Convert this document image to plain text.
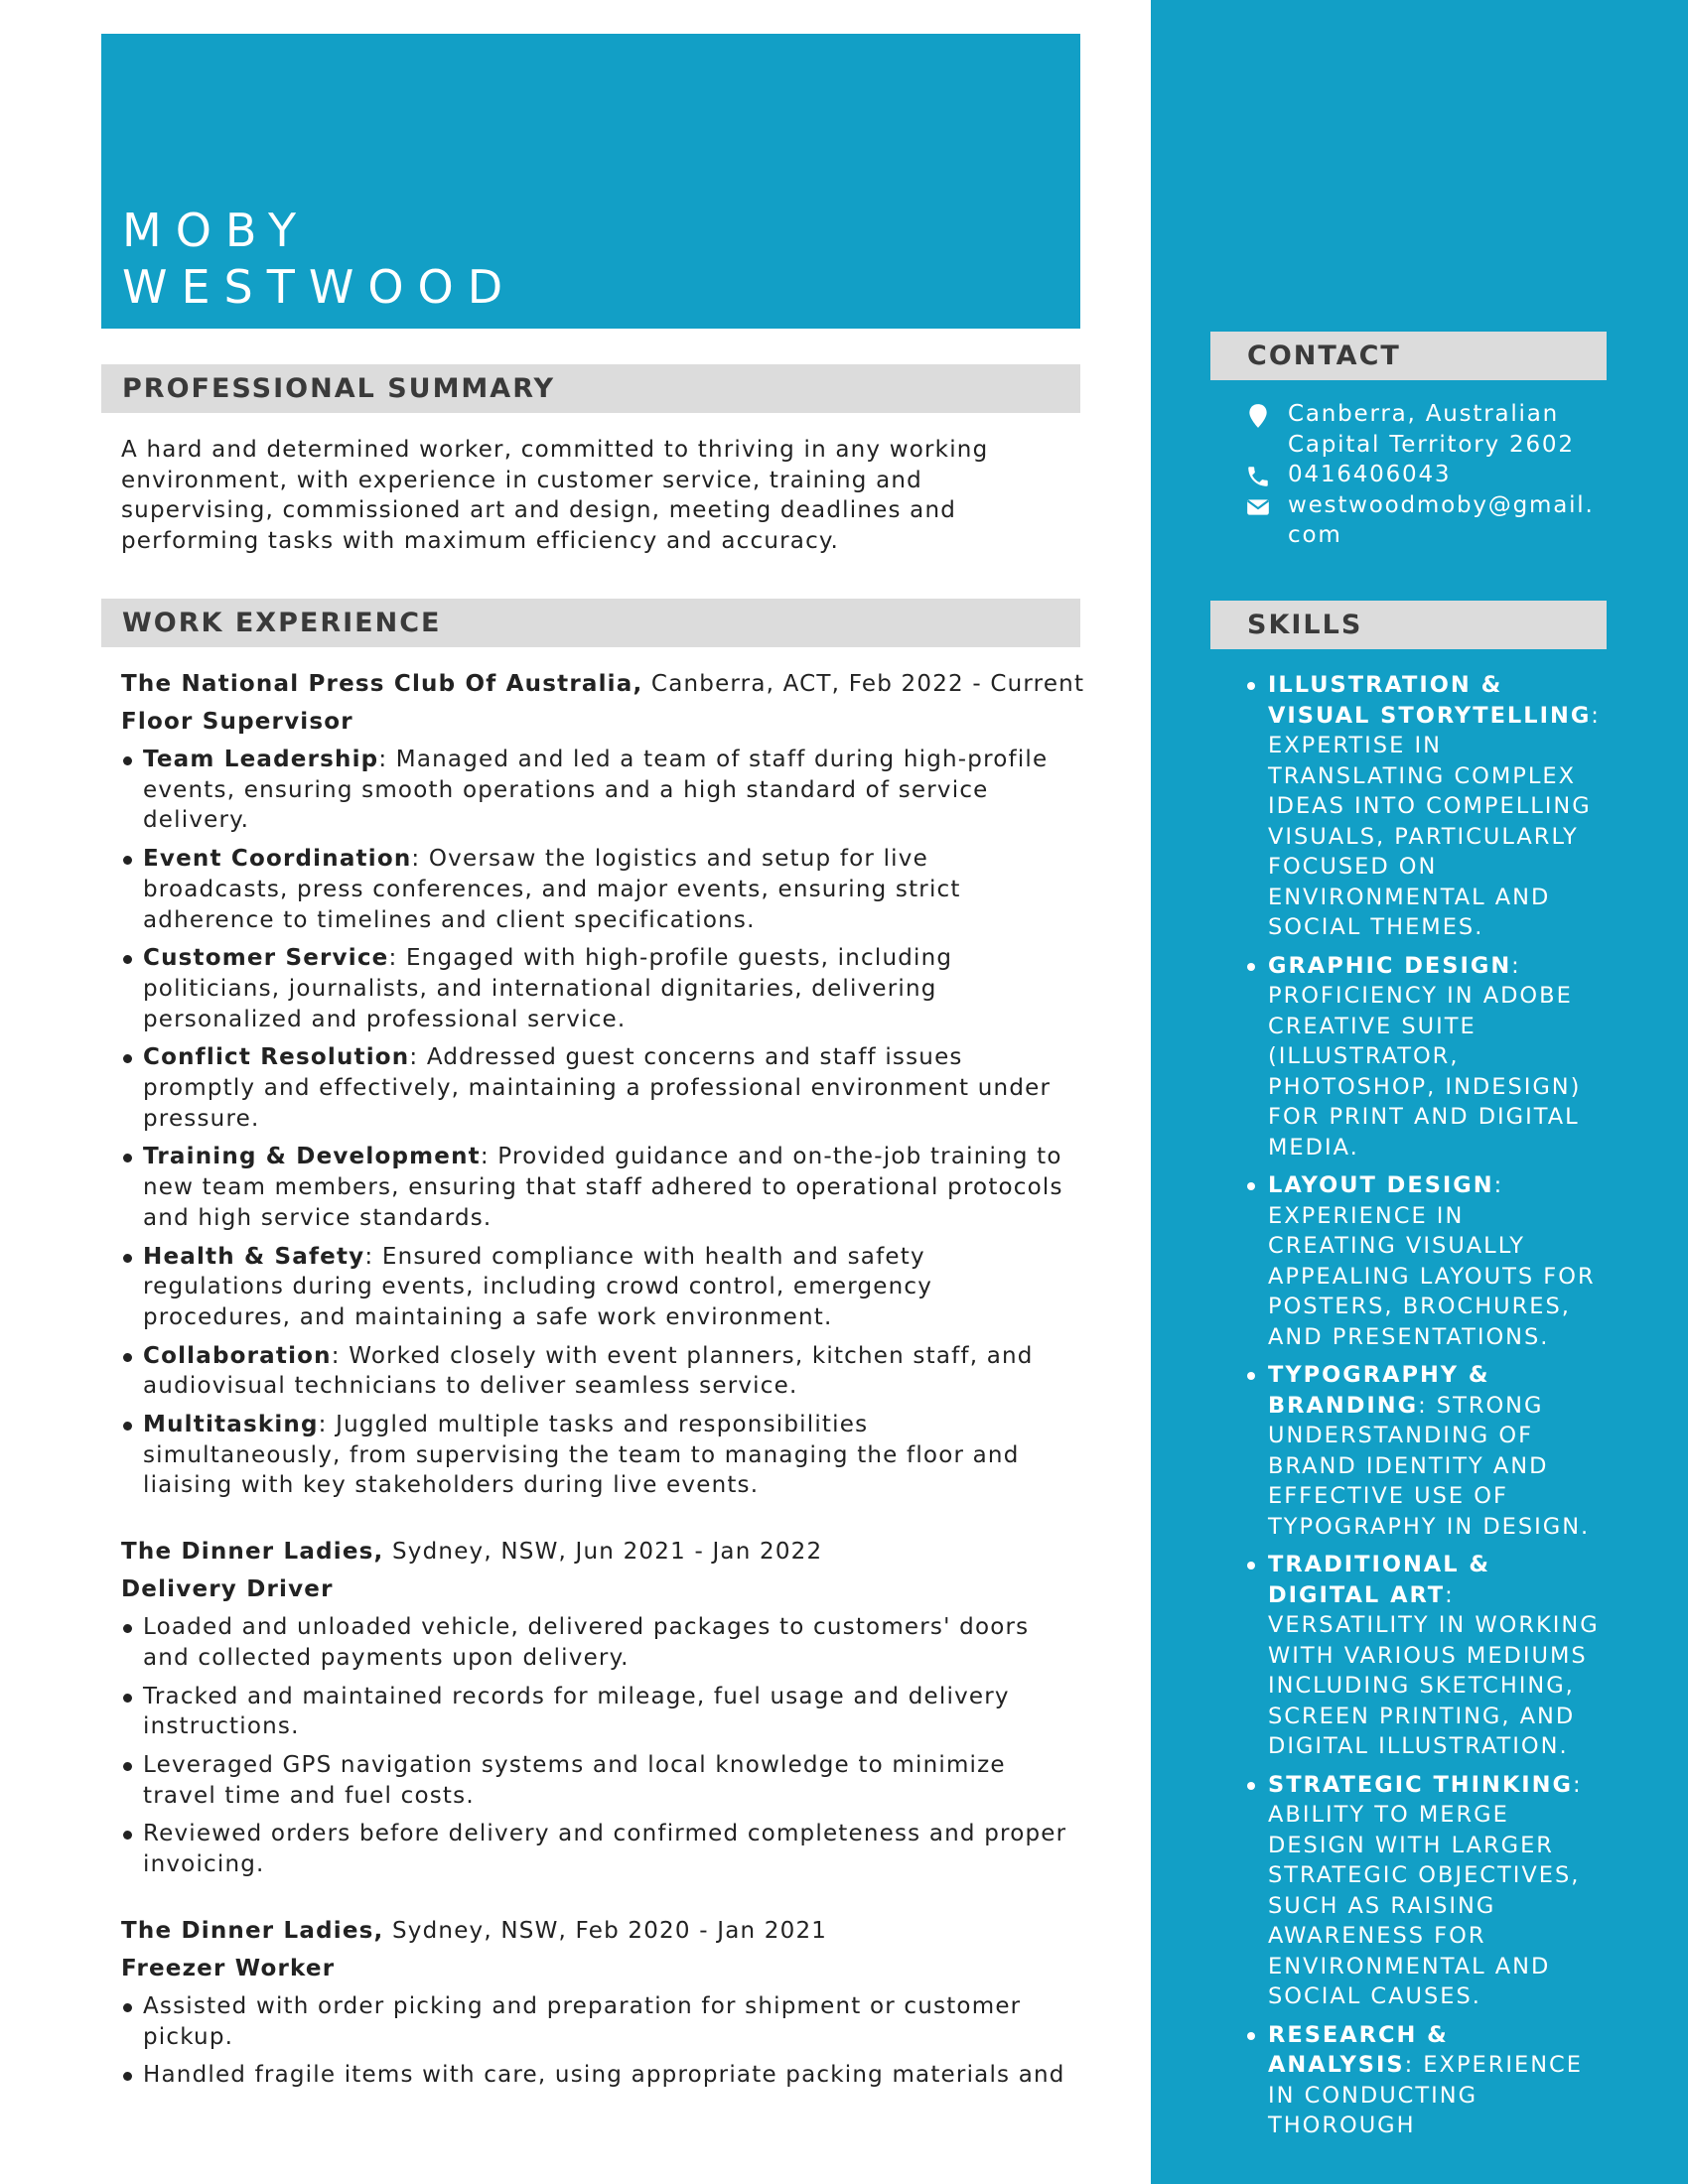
MOBY
WESTWOOD
PROFESSIONAL SUMMARY
A hard and determined worker, committed to thriving in any working environment, with experience in customer service, training and supervising, commissioned art and design, meeting deadlines and performing tasks with maximum efficiency and accuracy.
WORK EXPERIENCE
The National Press Club Of Australia, Canberra, ACT, Feb 2022 - Current
Floor Supervisor
Team Leadership: Managed and led a team of staff during high-profile events, ensuring smooth operations and a high standard of service delivery.
Event Coordination: Oversaw the logistics and setup for live broadcasts, press conferences, and major events, ensuring strict adherence to timelines and client specifications.
Customer Service: Engaged with high-profile guests, including politicians, journalists, and international dignitaries, delivering personalized and professional service.
Conflict Resolution: Addressed guest concerns and staff issues promptly and effectively, maintaining a professional environment under pressure.
Training & Development: Provided guidance and on-the-job training to new team members, ensuring that staff adhered to operational protocols and high service standards.
Health & Safety: Ensured compliance with health and safety regulations during events, including crowd control, emergency procedures, and maintaining a safe work environment.
Collaboration: Worked closely with event planners, kitchen staff, and audiovisual technicians to deliver seamless service.
Multitasking: Juggled multiple tasks and responsibilities simultaneously, from supervising the team to managing the floor and liaising with key stakeholders during live events.
The Dinner Ladies, Sydney, NSW, Jun 2021 - Jan 2022
Delivery Driver
Loaded and unloaded vehicle, delivered packages to customers' doors and collected payments upon delivery.
Tracked and maintained records for mileage, fuel usage and delivery instructions.
Leveraged GPS navigation systems and local knowledge to minimize travel time and fuel costs.
Reviewed orders before delivery and confirmed completeness and proper invoicing.
The Dinner Ladies, Sydney, NSW, Feb 2020 - Jan 2021
Freezer Worker
Assisted with order picking and preparation for shipment or customer pickup.
Handled fragile items with care, using appropriate packing materials and
CONTACT
Canberra, Australian Capital Territory 2602
0416406043
westwoodmoby@gmail.com
SKILLS
ILLUSTRATION & VISUAL STORYTELLING: EXPERTISE IN TRANSLATING COMPLEX IDEAS INTO COMPELLING VISUALS, PARTICULARLY FOCUSED ON ENVIRONMENTAL AND SOCIAL THEMES.
GRAPHIC DESIGN: PROFICIENCY IN ADOBE CREATIVE SUITE (ILLUSTRATOR, PHOTOSHOP, INDESIGN) FOR PRINT AND DIGITAL MEDIA.
LAYOUT DESIGN: EXPERIENCE IN CREATING VISUALLY APPEALING LAYOUTS FOR POSTERS, BROCHURES, AND PRESENTATIONS.
TYPOGRAPHY & BRANDING: STRONG UNDERSTANDING OF BRAND IDENTITY AND EFFECTIVE USE OF TYPOGRAPHY IN DESIGN.
TRADITIONAL & DIGITAL ART: VERSATILITY IN WORKING WITH VARIOUS MEDIUMS INCLUDING SKETCHING, SCREEN PRINTING, AND DIGITAL ILLUSTRATION.
STRATEGIC THINKING: ABILITY TO MERGE DESIGN WITH LARGER STRATEGIC OBJECTIVES, SUCH AS RAISING AWARENESS FOR ENVIRONMENTAL AND SOCIAL CAUSES.
RESEARCH & ANALYSIS: EXPERIENCE IN CONDUCTING THOROUGH
